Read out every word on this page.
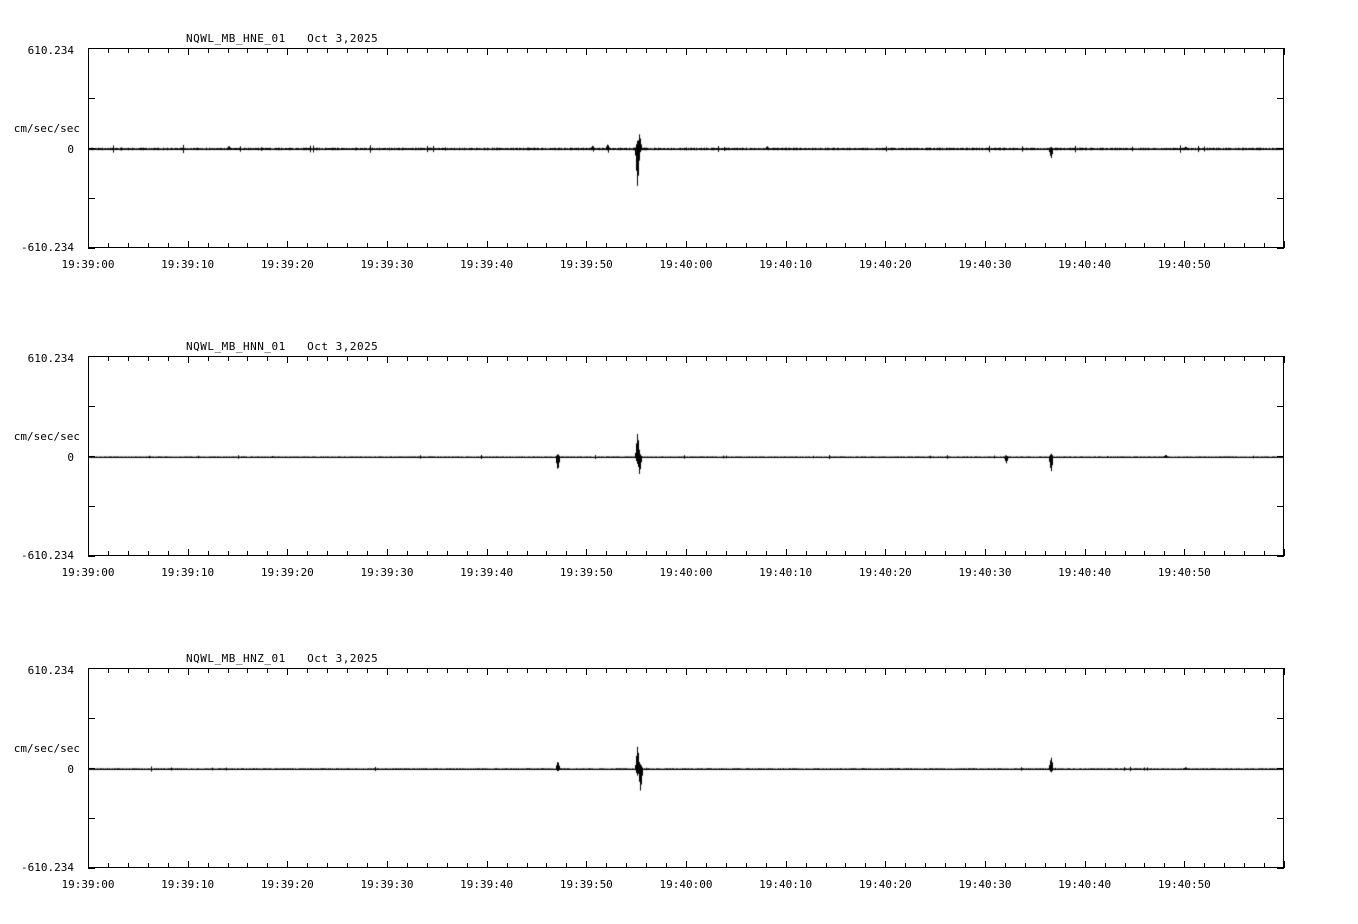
NQWL_MB_HNE_01   Oct 3,2025
cm/sec/sec
610.234
0
-610.234
19:39:00	19:39:10	19:39:20	19:39:30	19:39:40	19:39:50	19:40:00	19:40:10	19:40:20	19:40:30	19:40:40	19:40:50
NQWL_MB_HNN_01   Oct 3,2025
cm/sec/sec
610.234
0
-610.234
19:39:00	19:39:10	19:39:20	19:39:30	19:39:40	19:39:50	19:40:00	19:40:10	19:40:20	19:40:30	19:40:40	19:40:50
NQWL_MB_HNZ_01   Oct 3,2025
cm/sec/sec
610.234
0
-610.234
19:39:00	19:39:10	19:39:20	19:39:30	19:39:40	19:39:50	19:40:00	19:40:10	19:40:20	19:40:30	19:40:40	19:40:50
